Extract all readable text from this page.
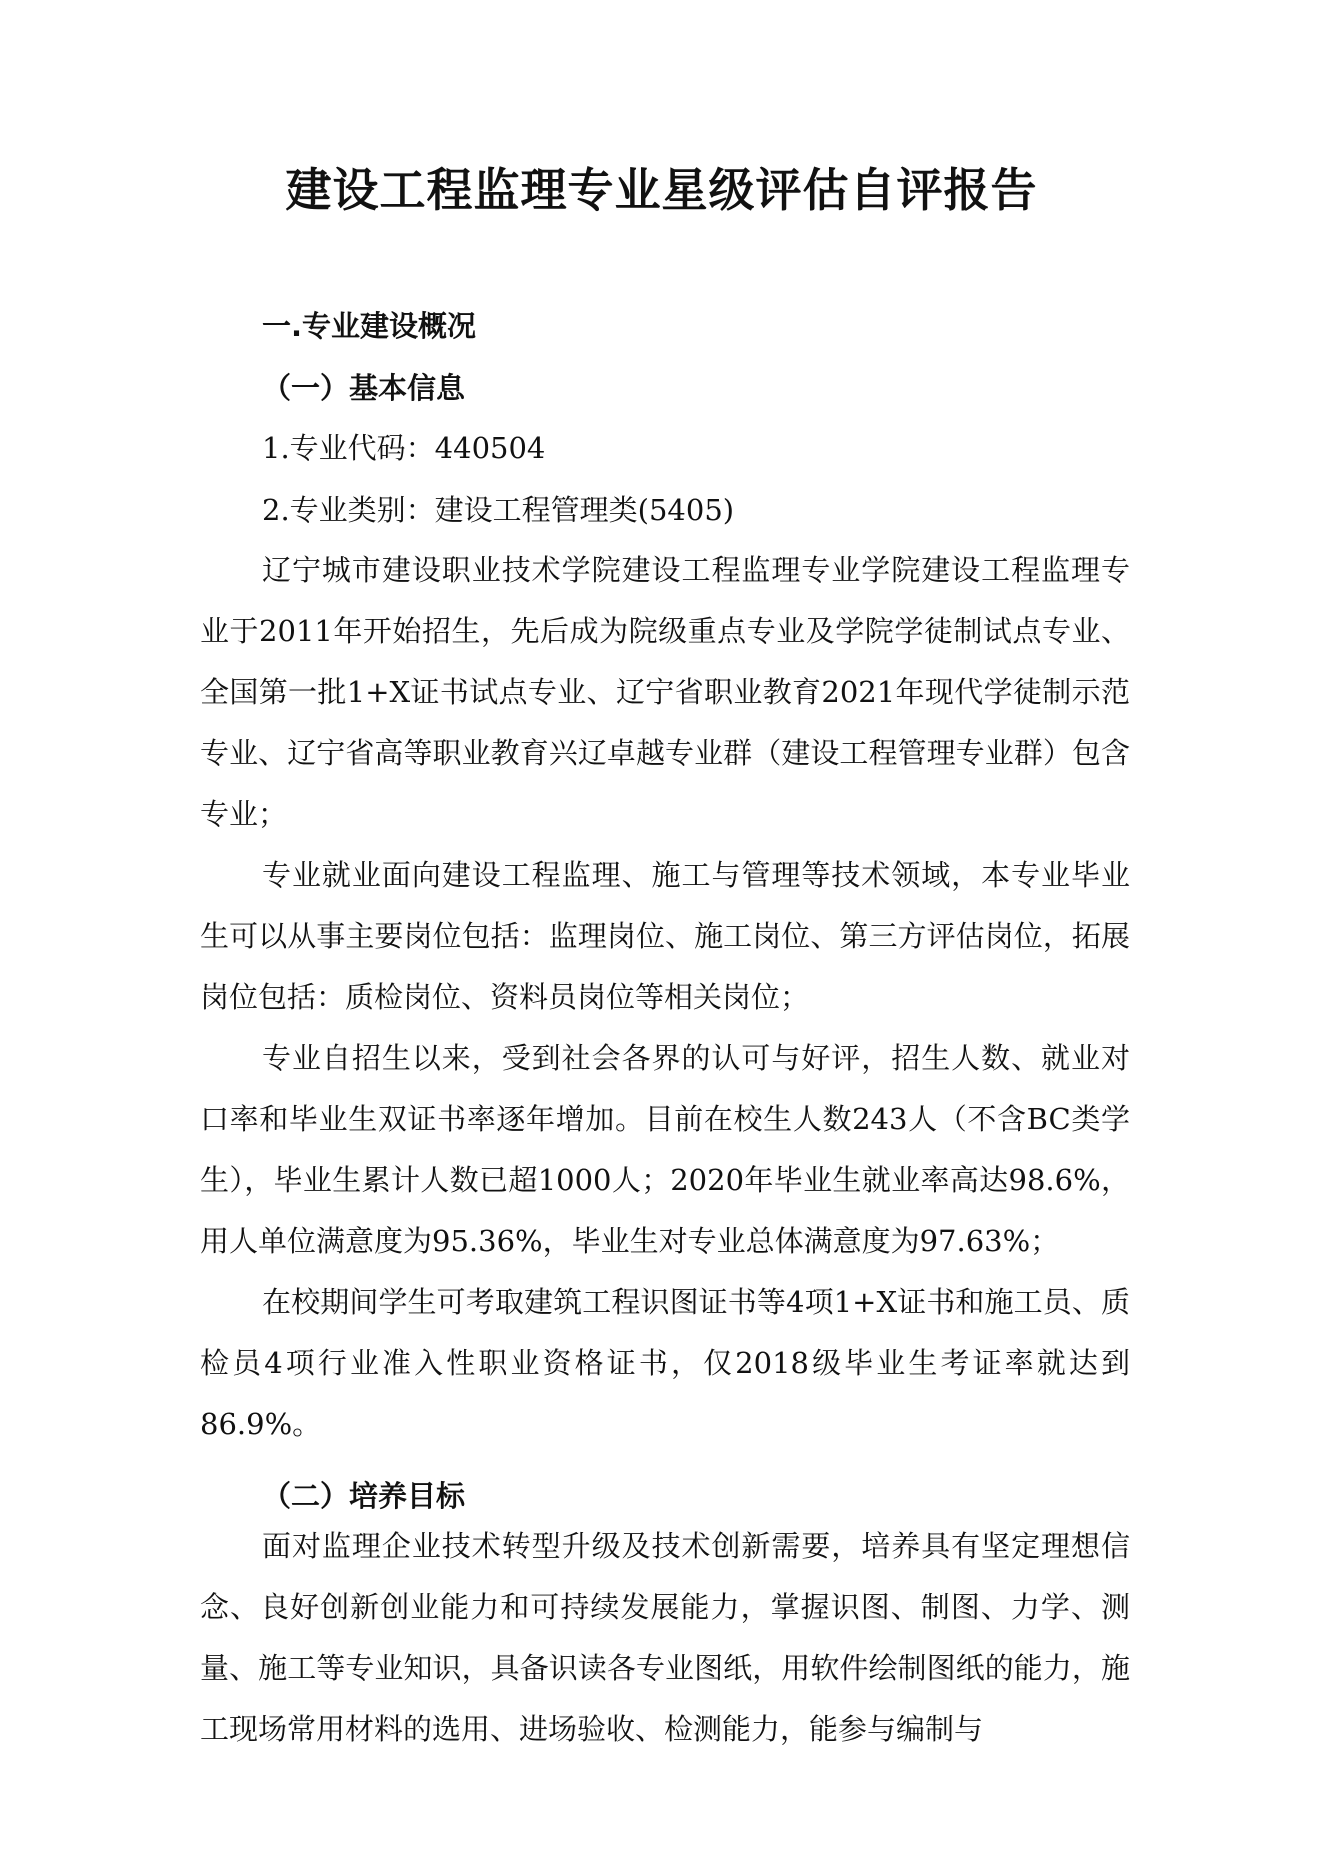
建设工程监理专业星级评估自评报告
一.专业建设概况
（一）基本信息

1.专业代码：440504

2.专业类别：建设工程管理类(5405)

辽宁城市建设职业技术学院建设工程监理专业学院建设工程监理专业于2011年开始招生，先后成为院级重点专业及学院学徒制试点专业、全国第一批1+X证书试点专业、辽宁省职业教育2021年现代学徒制示范专业、辽宁省高等职业教育兴辽卓越专业群（建设工程管理专业群）包含专业；

专业就业面向建设工程监理、施工与管理等技术领域，本专业毕业生可以从事主要岗位包括：监理岗位、施工岗位、第三方评估岗位，拓展岗位包括：质检岗位、资料员岗位等相关岗位；

专业自招生以来，受到社会各界的认可与好评，招生人数、就业对口率和毕业生双证书率逐年增加。目前在校生人数243人（不含BC类学生），毕业生累计人数已超1000人；2020年毕业生就业率高达98.6%，用人单位满意度为95.36%，毕业生对专业总体满意度为97.63%；

在校期间学生可考取建筑工程识图证书等4项1+X证书和施工员、质检员4项行业准入性职业资格证书，仅2018级毕业生考证率就达到86.9%。

（二）培养目标

面对监理企业技术转型升级及技术创新需要，培养具有坚定理想信念、良好创新创业能力和可持续发展能力，掌握识图、制图、力学、测量、施工等专业知识，具备识读各专业图纸，用软件绘制图纸的能力，施工现场常用材料的选用、进场验收、检测能力，能参与编制与
